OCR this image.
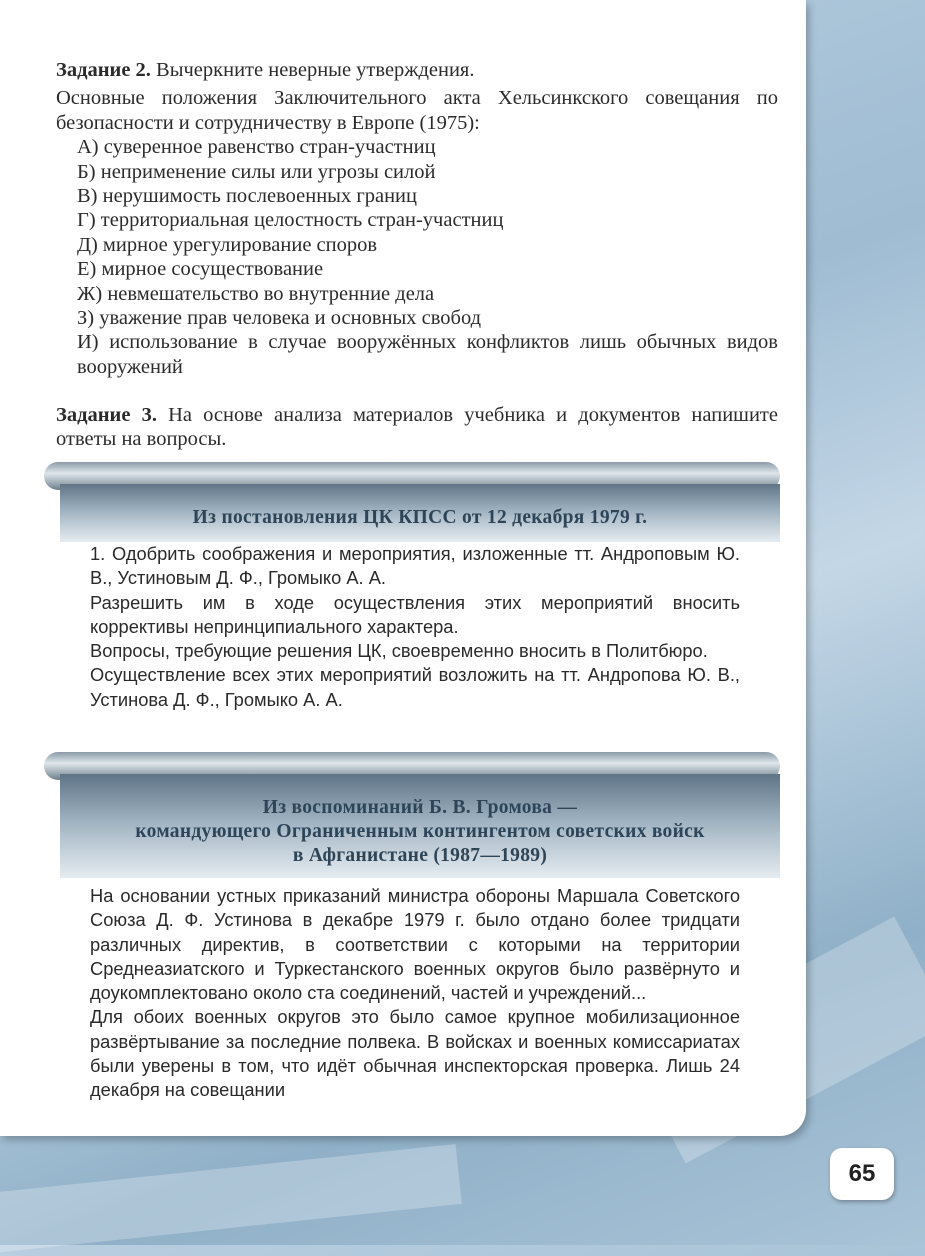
Задание 2. Вычеркните неверные утверждения.
Основные положения Заключительного акта Хельсинкского совещания по безопасности и сотрудничеству в Европе (1975):
А) суверенное равенство стран-участниц
Б) неприменение силы или угрозы силой
В) нерушимость послевоенных границ
Г) территориальная целостность стран-участниц
Д) мирное урегулирование споров
Е) мирное сосуществование
Ж) невмешательство во внутренние дела
З) уважение прав человека и основных свобод
И) использование в случае вооружённых конфликтов лишь обычных видов вооружений
Задание 3. На основе анализа материалов учебника и документов напишите ответы на вопросы.
Из постановления ЦК КПСС от 12 декабря 1979 г.

1. Одобрить соображения и мероприятия, изложенные тт. Андроповым Ю. В., Устиновым Д. Ф., Громыко А. А.

Разрешить им в ходе осуществления этих мероприятий вносить коррективы непринципиального характера.

Вопросы, требующие решения ЦК, своевременно вносить в Политбюро.

Осуществление всех этих мероприятий возложить на тт. Андропова Ю. В., Устинова Д. Ф., Громыко А. А.

Из воспоминаний Б. В. Громова —
командующего Ограниченным контингентом советских войск
в Афганистане (1987—1989)

На основании устных приказаний министра обороны Маршала Советского Союза Д. Ф. Устинова в декабре 1979 г. было отдано более тридцати различных директив, в соответствии с которыми на территории Среднеазиатского и Туркестанского военных округов было развёрнуто и доукомплектовано около ста соединений, частей и учреждений...

Для обоих военных округов это было самое крупное мобилизационное развёртывание за последние полвека. В войсках и военных комиссариатах были уверены в том, что идёт обычная инспекторская проверка. Лишь 24 декабря на совещании

65
